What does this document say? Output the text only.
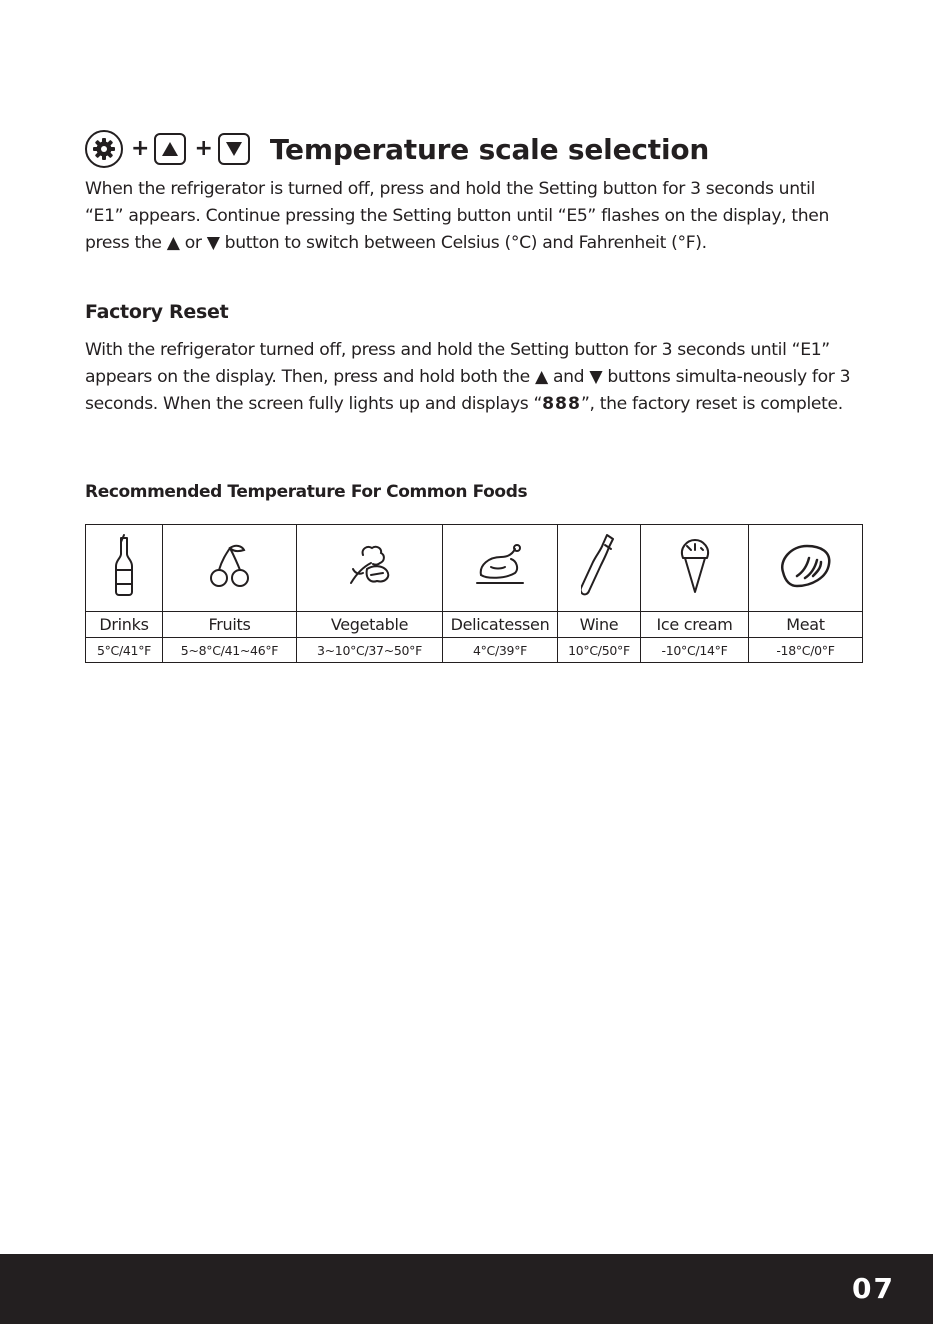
+ + Temperature scale selection

When the refrigerator is turned off, press and hold the Setting button for 3 seconds until “E1” appears. Continue pressing the Setting button until “E5” flashes on the display, then press the ▲ or ▼ button to switch between Celsius (°C) and Fahrenheit (°F).

Factory Reset

With the refrigerator turned off, press and hold the Setting button for 3 seconds until “E1” appears on the display. Then, press and hold both the ▲ and ▼ buttons simulta-neously for 3 seconds. When the screen fully lights up and displays “888”, the factory reset is complete.

Recommended Temperature For Common Foods

Drinks	Fruits	Vegetable	Delicatessen	Wine	Ice cream	Meat
5°C/41°F	5~8°C/41~46°F	3~10°C/37~50°F	4°C/39°F	10°C/50°F	-10°C/14°F	-18°C/0°F
07
